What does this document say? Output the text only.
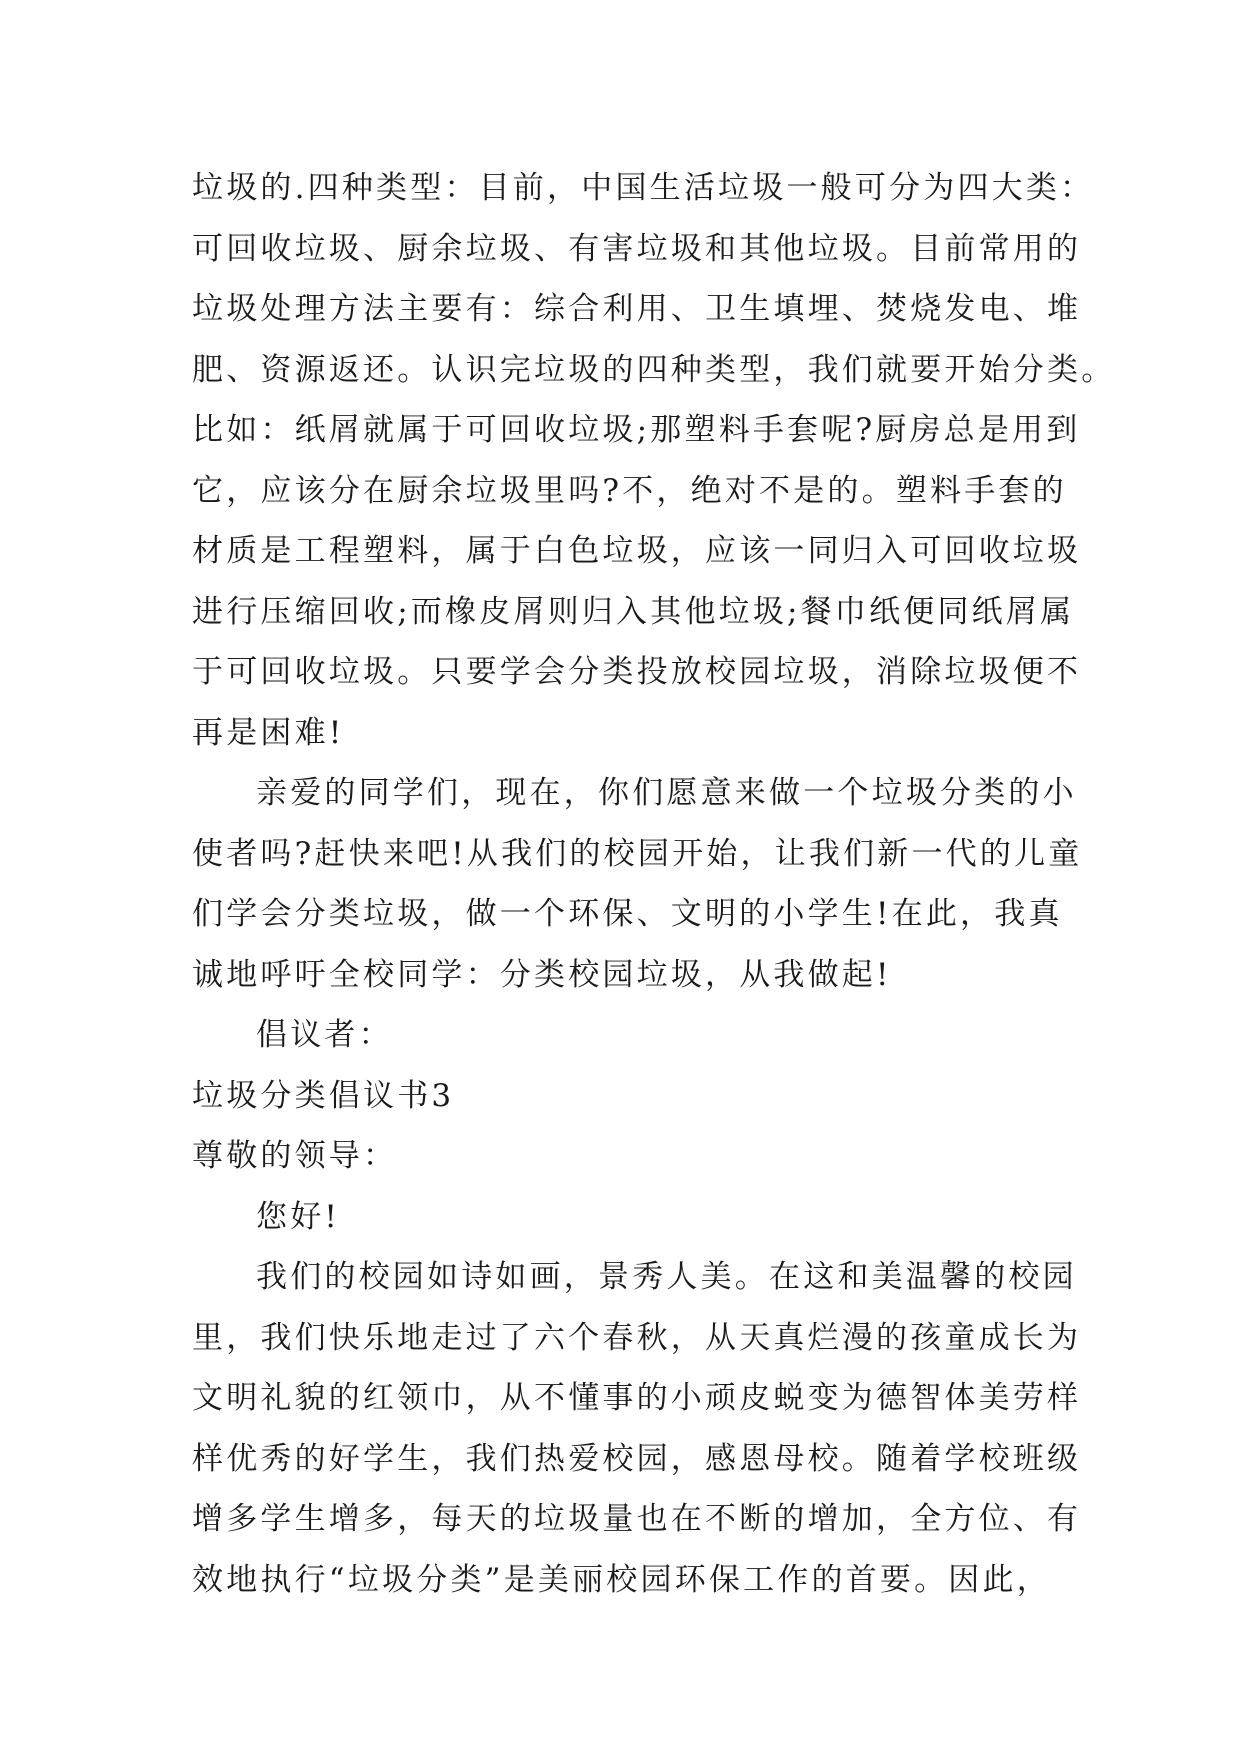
垃圾的.四种类型：目前，中国生活垃圾一般可分为四大类：
可回收垃圾、厨余垃圾、有害垃圾和其他垃圾。目前常用的
垃圾处理方法主要有：综合利用、卫生填埋、焚烧发电、堆
肥、资源返还。认识完垃圾的四种类型，我们就要开始分类。
比如：纸屑就属于可回收垃圾;那塑料手套呢?厨房总是用到
它，应该分在厨余垃圾里吗?不，绝对不是的。塑料手套的
材质是工程塑料，属于白色垃圾，应该一同归入可回收垃圾
进行压缩回收;而橡皮屑则归入其他垃圾;餐巾纸便同纸屑属
于可回收垃圾。只要学会分类投放校园垃圾，消除垃圾便不
再是困难!
亲爱的同学们，现在，你们愿意来做一个垃圾分类的小
使者吗?赶快来吧!从我们的校园开始，让我们新一代的儿童
们学会分类垃圾，做一个环保、文明的小学生!在此，我真
诚地呼吁全校同学：分类校园垃圾，从我做起!
倡议者：
垃圾分类倡议书3
尊敬的领导：
您好!
我们的校园如诗如画，景秀人美。在这和美温馨的校园
里，我们快乐地走过了六个春秋，从天真烂漫的孩童成长为
文明礼貌的红领巾，从不懂事的小顽皮蜕变为德智体美劳样
样优秀的好学生，我们热爱校园，感恩母校。随着学校班级
增多学生增多，每天的垃圾量也在不断的增加，全方位、有
效地执行“垃圾分类”是美丽校园环保工作的首要。因此，
